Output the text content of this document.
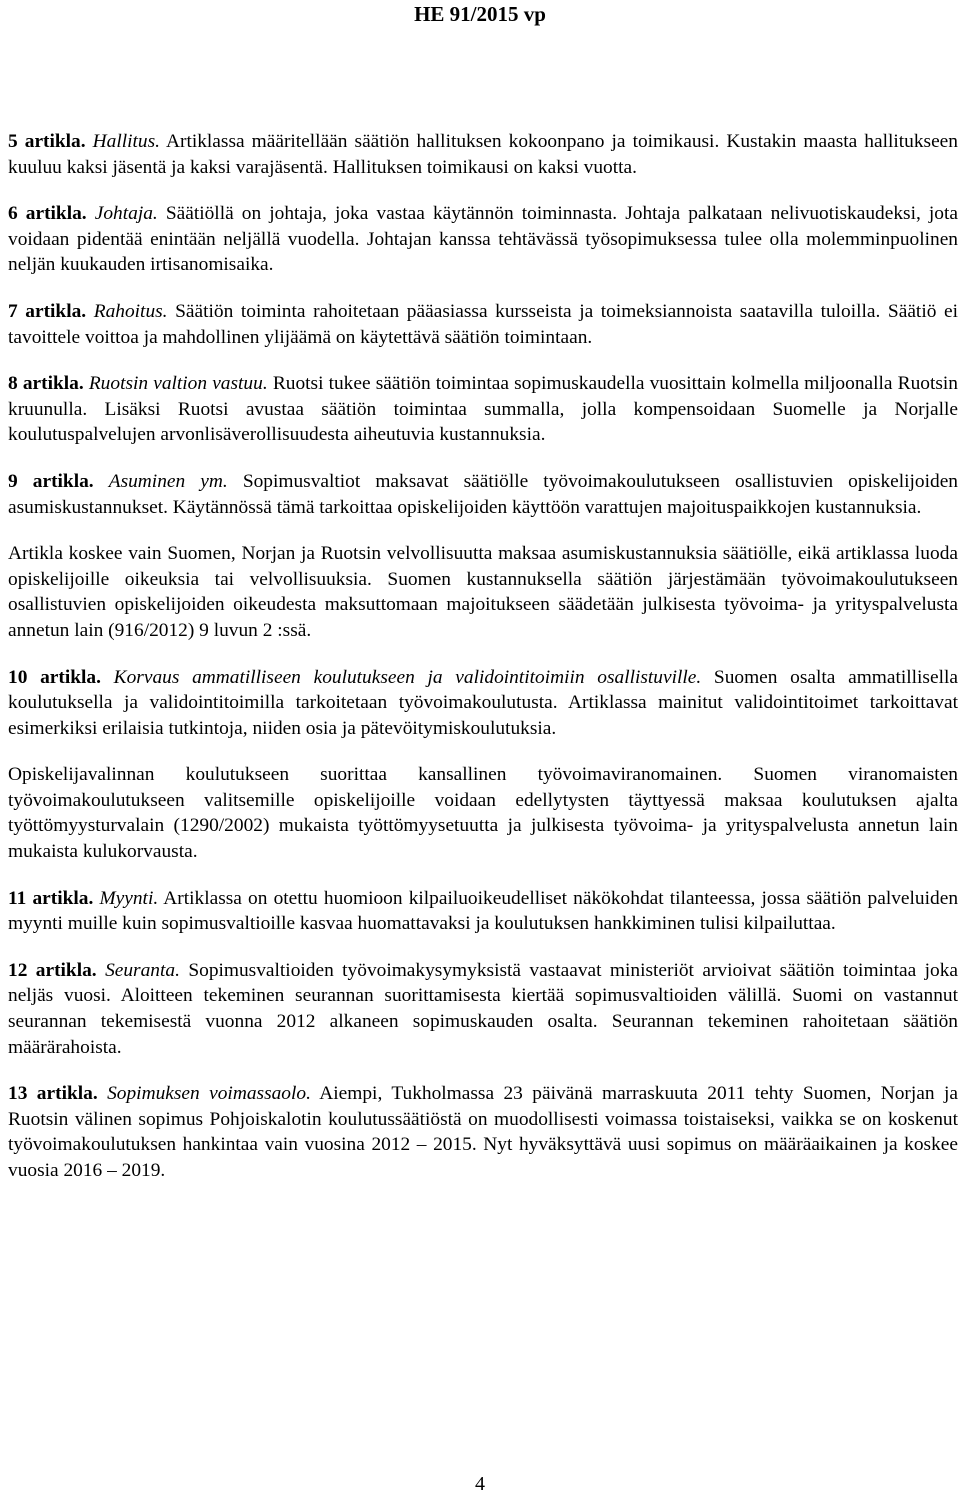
HE 91/2015 vp

5 artikla. Hallitus. Artiklassa määritellään säätiön hallituksen kokoonpano ja toimikausi. Kustakin maasta hallitukseen kuuluu kaksi jäsentä ja kaksi varajäsentä. Hallituksen toimikausi on kaksi vuotta.

6 artikla. Johtaja. Säätiöllä on johtaja, joka vastaa käytännön toiminnasta. Johtaja palkataan nelivuotiskaudeksi, jota voidaan pidentää enintään neljällä vuodella. Johtajan kanssa tehtävässä työsopimuksessa tulee olla molemminpuolinen neljän kuukauden irtisanomisaika.

7 artikla. Rahoitus. Säätiön toiminta rahoitetaan pääasiassa kursseista ja toimeksiannoista saatavilla tuloilla. Säätiö ei tavoittele voittoa ja mahdollinen ylijäämä on käytettävä säätiön toimintaan.

8 artikla. Ruotsin valtion vastuu. Ruotsi tukee säätiön toimintaa sopimuskaudella vuosittain kolmella miljoonalla Ruotsin kruunulla. Lisäksi Ruotsi avustaa säätiön toimintaa summalla, jolla kompensoidaan Suomelle ja Norjalle koulutuspalvelujen arvonlisäverollisuudesta aiheutuvia kustannuksia.

9 artikla. Asuminen ym. Sopimusvaltiot maksavat säätiölle työvoimakoulutukseen osallistuvien opiskelijoiden asumiskustannukset. Käytännössä tämä tarkoittaa opiskelijoiden käyttöön varattujen majoituspaikkojen kustannuksia.

Artikla koskee vain Suomen, Norjan ja Ruotsin velvollisuutta maksaa asumiskustannuksia säätiölle, eikä artiklassa luoda opiskelijoille oikeuksia tai velvollisuuksia. Suomen kustannuksella säätiön järjestämään työvoimakoulutukseen osallistuvien opiskelijoiden oikeudesta maksuttomaan majoitukseen säädetään julkisesta työvoima- ja yrityspalvelusta annetun lain (916/2012) 9 luvun 2 :ssä.

10 artikla. Korvaus ammatilliseen koulutukseen ja validointitoimiin osallistuville. Suomen osalta ammatillisella koulutuksella ja validointitoimilla tarkoitetaan työvoimakoulutusta. Artiklassa mainitut validointitoimet tarkoittavat esimerkiksi erilaisia tutkintoja, niiden osia ja pätevöitymiskoulutuksia.

Opiskelijavalinnan koulutukseen suorittaa kansallinen työvoimaviranomainen. Suomen viranomaisten työvoimakoulutukseen valitsemille opiskelijoille voidaan edellytysten täyttyessä maksaa koulutuksen ajalta työttömyysturvalain (1290/2002) mukaista työttömyysetuutta ja julkisesta työvoima- ja yrityspalvelusta annetun lain mukaista kulukorvausta.

11 artikla. Myynti. Artiklassa on otettu huomioon kilpailuoikeudelliset näkökohdat tilanteessa, jossa säätiön palveluiden myynti muille kuin sopimusvaltioille kasvaa huomattavaksi ja koulutuksen hankkiminen tulisi kilpailuttaa.

12 artikla. Seuranta. Sopimusvaltioiden työvoimakysymyksistä vastaavat ministeriöt arvioivat säätiön toimintaa joka neljäs vuosi. Aloitteen tekeminen seurannan suorittamisesta kiertää sopimusvaltioiden välillä. Suomi on vastannut seurannan tekemisestä vuonna 2012 alkaneen sopimuskauden osalta. Seurannan tekeminen rahoitetaan säätiön määrärahoista.

13 artikla. Sopimuksen voimassaolo. Aiempi, Tukholmassa 23 päivänä marraskuuta 2011 tehty Suomen, Norjan ja Ruotsin välinen sopimus Pohjoiskalotin koulutussäätiöstä on muodollisesti voimassa toistaiseksi, vaikka se on koskenut työvoimakoulutuksen hankintaa vain vuosina 2012 – 2015. Nyt hyväksyttävä uusi sopimus on määräaikainen ja koskee vuosia 2016 – 2019.

4
